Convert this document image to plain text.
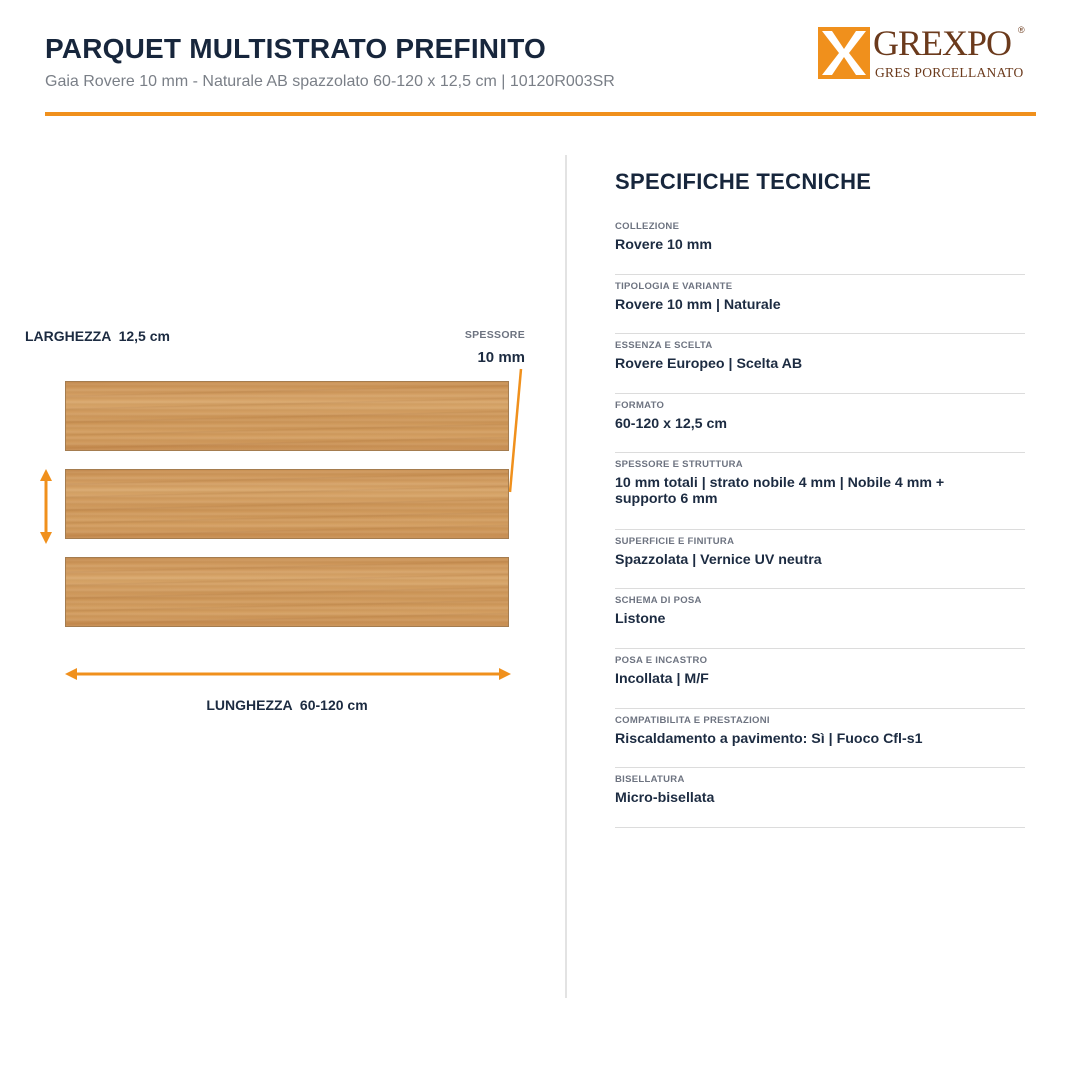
PARQUET MULTISTRATO PREFINITO

Gaia Rovere 10 mm - Naturale AB spazzolato 60-120 x 12,5 cm | 10120R003SR

GREXPO ®
GRES PORCELLANATO
LARGHEZZA  12,5 cm	SPESSORE
10 mm
LUNGHEZZA  60-120 cm
SPECIFICHE TECNICHE
COLLEZIONE
Rovere 10 mm
TIPOLOGIA E VARIANTE
Rovere 10 mm | Naturale
ESSENZA E SCELTA
Rovere Europeo | Scelta AB
FORMATO
60-120 x 12,5 cm
SPESSORE E STRUTTURA
10 mm totali | strato nobile 4 mm | Nobile 4 mm + supporto 6 mm
SUPERFICIE E FINITURA
Spazzolata | Vernice UV neutra
SCHEMA DI POSA
Listone
POSA E INCASTRO
Incollata | M/F
COMPATIBILITA E PRESTAZIONI
Riscaldamento a pavimento: Sì | Fuoco Cfl-s1
BISELLATURA
Micro-bisellata
